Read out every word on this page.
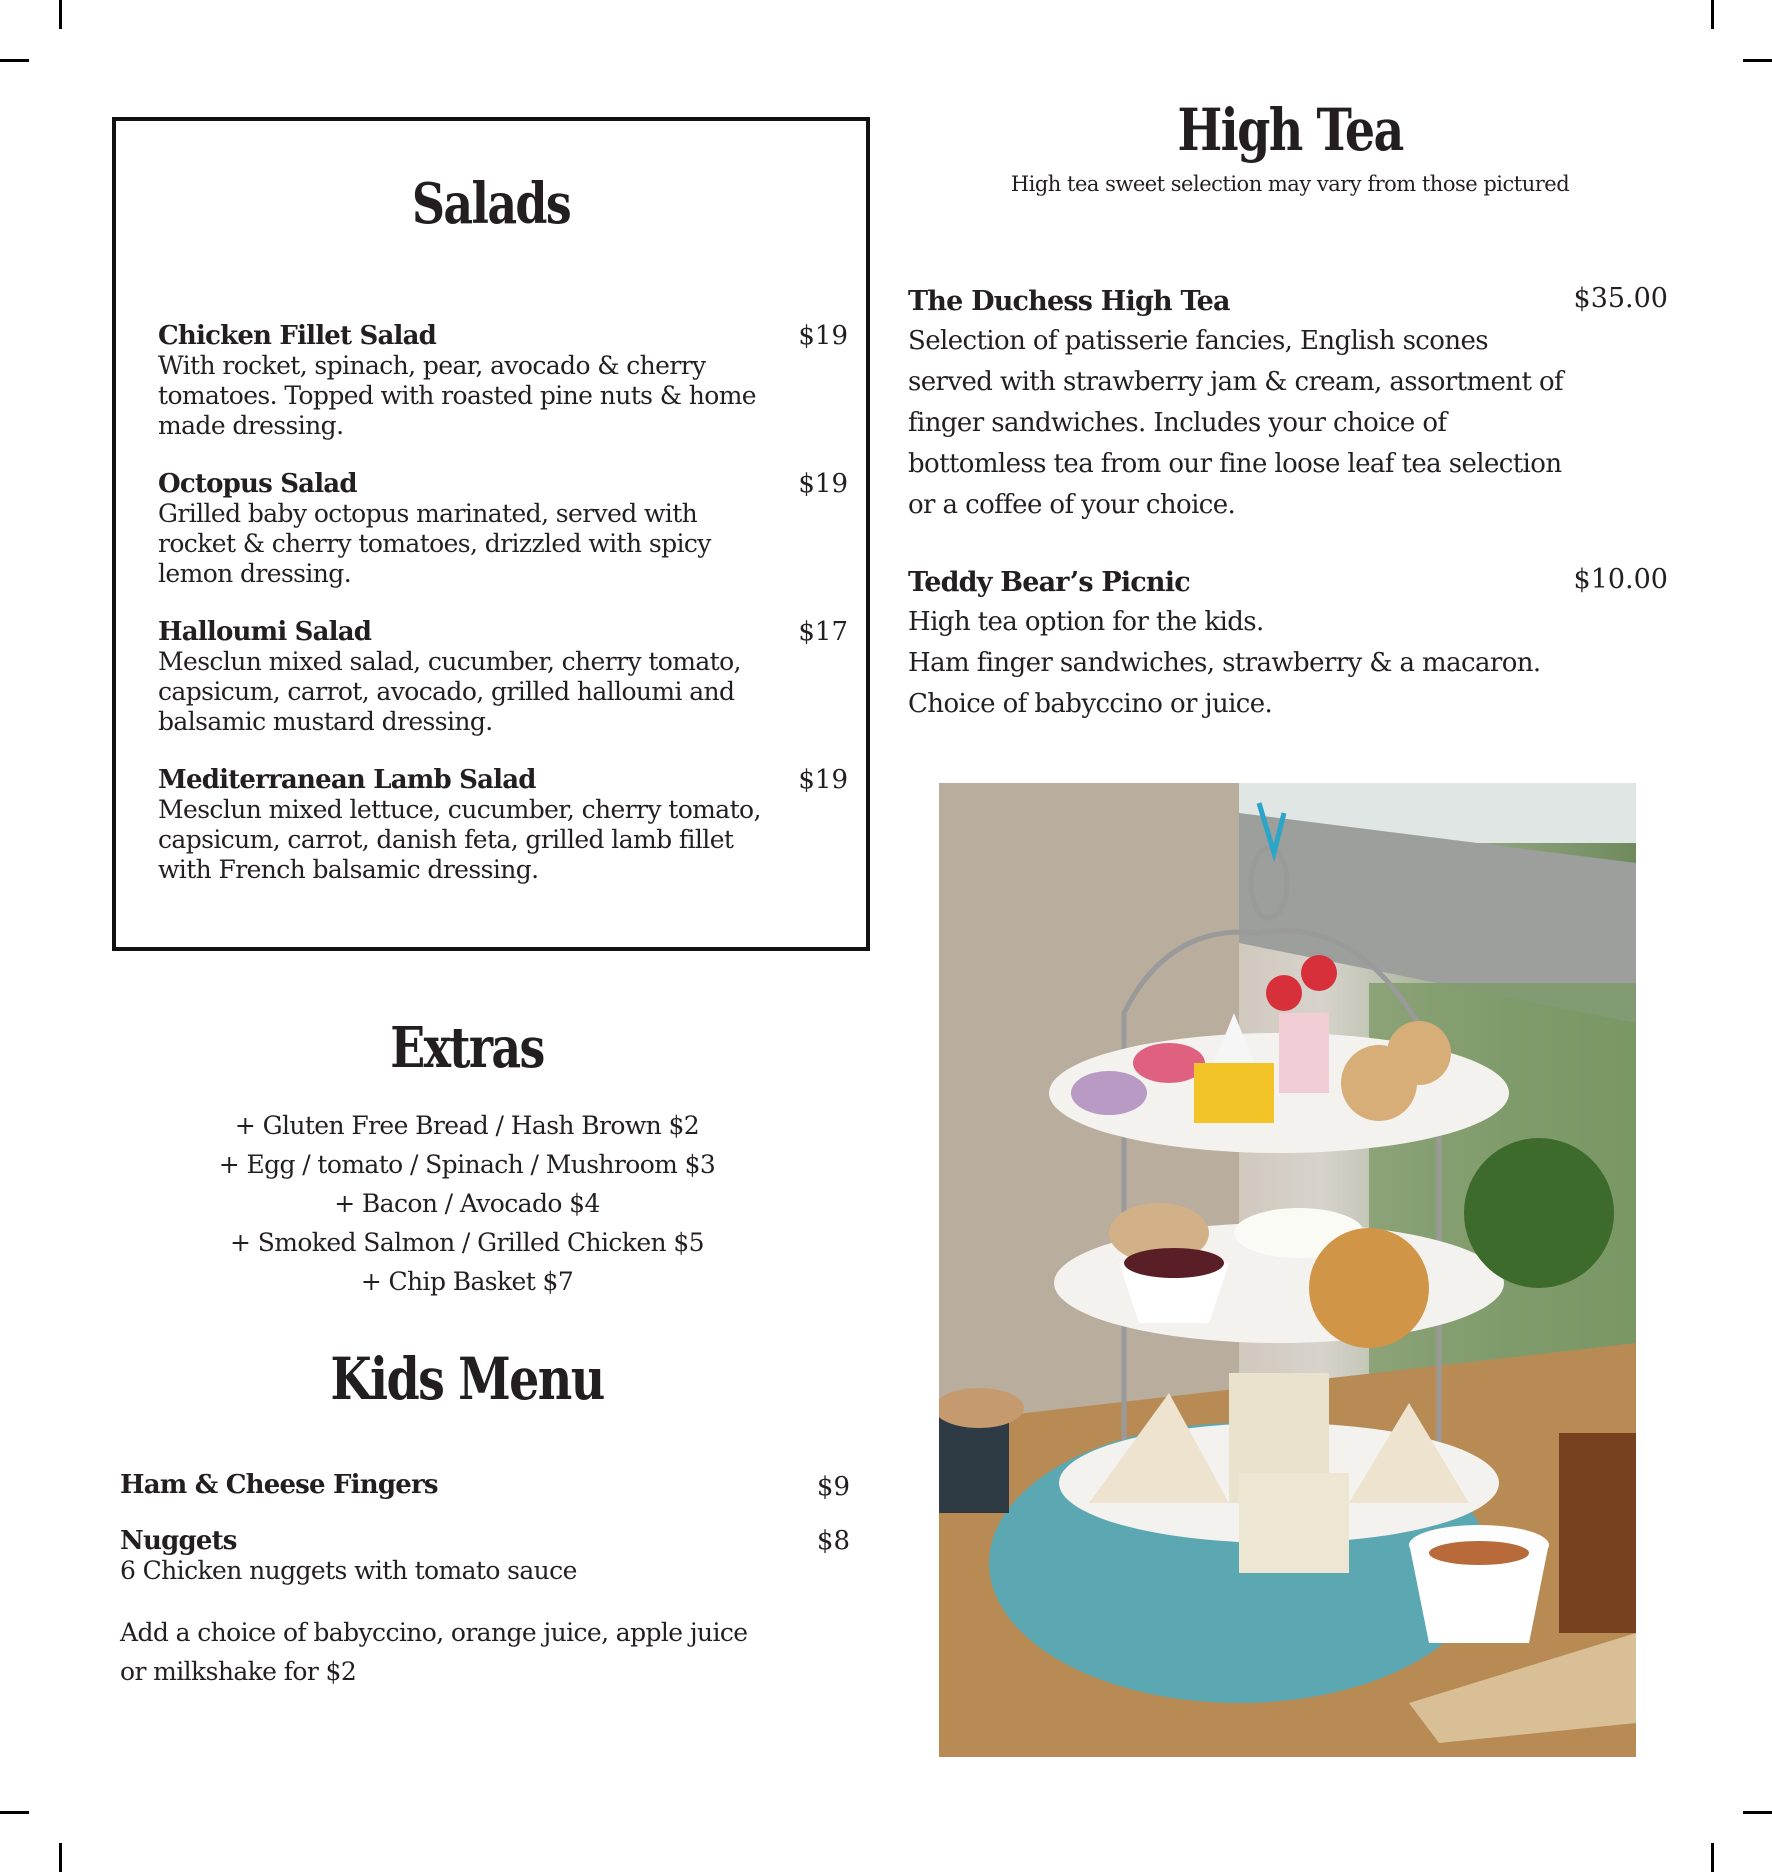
Salads
Chicken Fillet Salad	$19
With rocket, spinach, pear, avocado & cherry tomatoes. Topped with roasted pine nuts & home made dressing.
Octopus Salad	$19
Grilled baby octopus marinated, served with rocket & cherry tomatoes, drizzled with spicy lemon dressing.
Halloumi Salad	$17
Mesclun mixed salad, cucumber, cherry tomato, capsicum, carrot, avocado, grilled halloumi and balsamic mustard dressing.
Mediterranean Lamb Salad	$19
Mesclun mixed lettuce, cucumber, cherry tomato, capsicum, carrot, danish feta, grilled lamb fillet with French balsamic dressing.
Extras
+ Gluten Free Bread / Hash Brown $2
+ Egg / tomato / Spinach / Mushroom $3
+ Bacon / Avocado $4
+ Smoked Salmon / Grilled Chicken $5
+ Chip Basket $7
Kids Menu
Ham & Cheese Fingers	$9
Nuggets	$8
6 Chicken nuggets with tomato sauce
Add a choice of babyccino, orange juice, apple juice or milkshake for $2
High Tea
High tea sweet selection may vary from those pictured
The Duchess High Tea	$35.00
Selection of patisserie fancies, English scones served with strawberry jam & cream, assortment of finger sandwiches. Includes your choice of bottomless tea from our fine loose leaf tea selection or a coffee of your choice.
Teddy Bear’s Picnic	$10.00
High tea option for the kids.
Ham finger sandwiches, strawberry & a macaron.
Choice of babyccino or juice.
